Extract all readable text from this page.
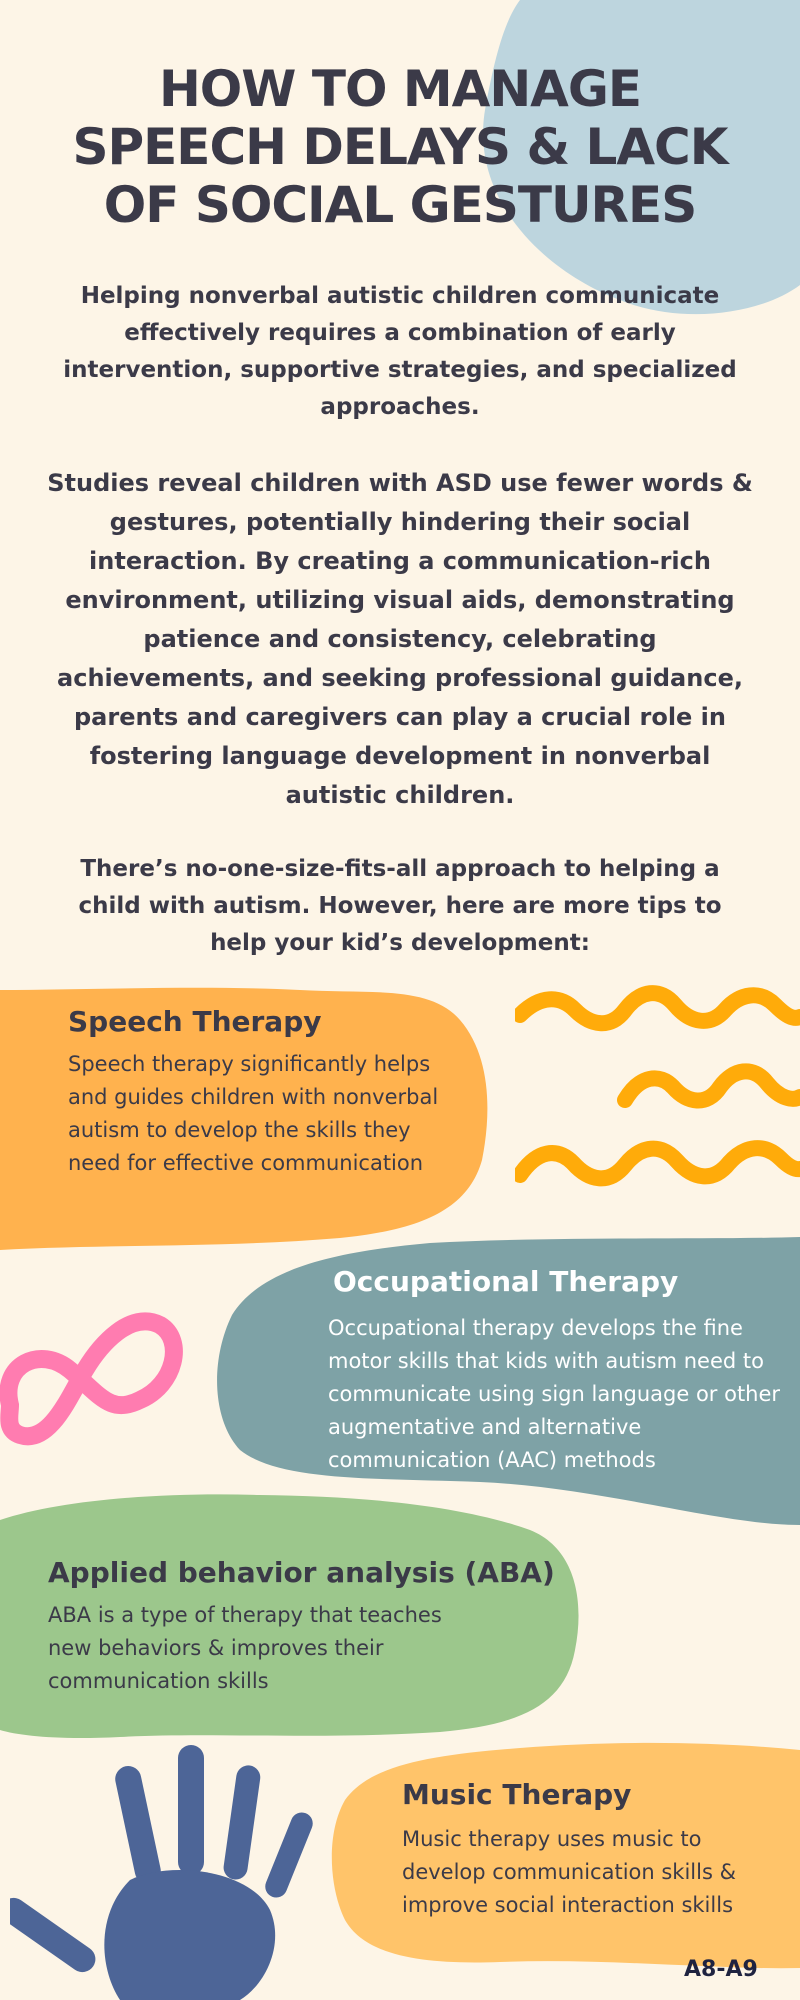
HOW TO MANAGE
SPEECH DELAYS & LACK
OF SOCIAL GESTURES
Helping nonverbal autistic children communicate effectively requires a combination of early intervention, supportive strategies, and specialized approaches.
Studies reveal children with ASD use fewer words & gestures, potentially hindering their social interaction. By creating a communication-rich environment, utilizing visual aids, demonstrating patience and consistency, celebrating achievements, and seeking professional guidance, parents and caregivers can play a crucial role in fostering language development in nonverbal autistic children.
There’s no-one-size-fits-all approach to helping a child with autism. However, here are more tips to help your kid’s development:
Speech Therapy
Speech therapy significantly helps and guides children with nonverbal autism to develop the skills they need for effective communication
Occupational Therapy
Occupational therapy develops the fine motor skills that kids with autism need to communicate using sign language or other augmentative and alternative communication (AAC) methods
Applied behavior analysis (ABA)
ABA is a type of therapy that teaches new behaviors & improves their communication skills
Music Therapy
Music therapy uses music to develop communication skills & improve social interaction skills
A8-A9
